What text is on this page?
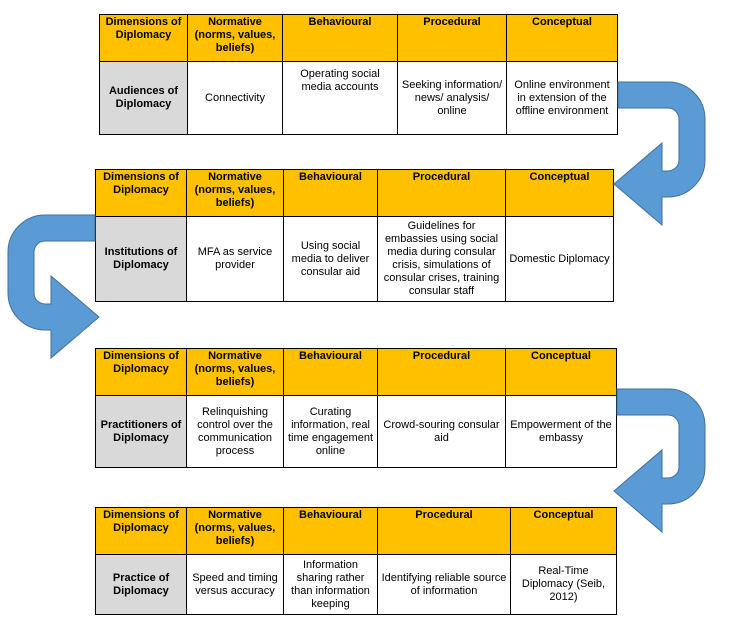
Dimensions of Diplomacy	Normative (norms, values, beliefs)	Behavioural	Procedural	Conceptual
Audiences of Diplomacy	Connectivity	Operating social media accounts	Seeking information/ news/ analysis/ online	Online environment in extension of the offline environment
Dimensions of Diplomacy	Normative (norms, values, beliefs)	Behavioural	Procedural	Conceptual
Institutions of Diplomacy	MFA as service provider	Using social media to deliver consular aid	Guidelines for embassies using social media during consular crisis, simulations of consular crises, training consular staff	Domestic Diplomacy
Dimensions of Diplomacy	Normative (norms, values, beliefs)	Behavioural	Procedural	Conceptual
Practitioners of Diplomacy	Relinquishing control over the communication process	Curating information, real time engagement online	Crowd-souring consular aid	Empowerment of the embassy
Dimensions of Diplomacy	Normative (norms, values, beliefs)	Behavioural	Procedural	Conceptual
Practice of Diplomacy	Speed and timing versus accuracy	Information sharing rather than information keeping	Identifying reliable source of information	Real-Time Diplomacy (Seib, 2012)
